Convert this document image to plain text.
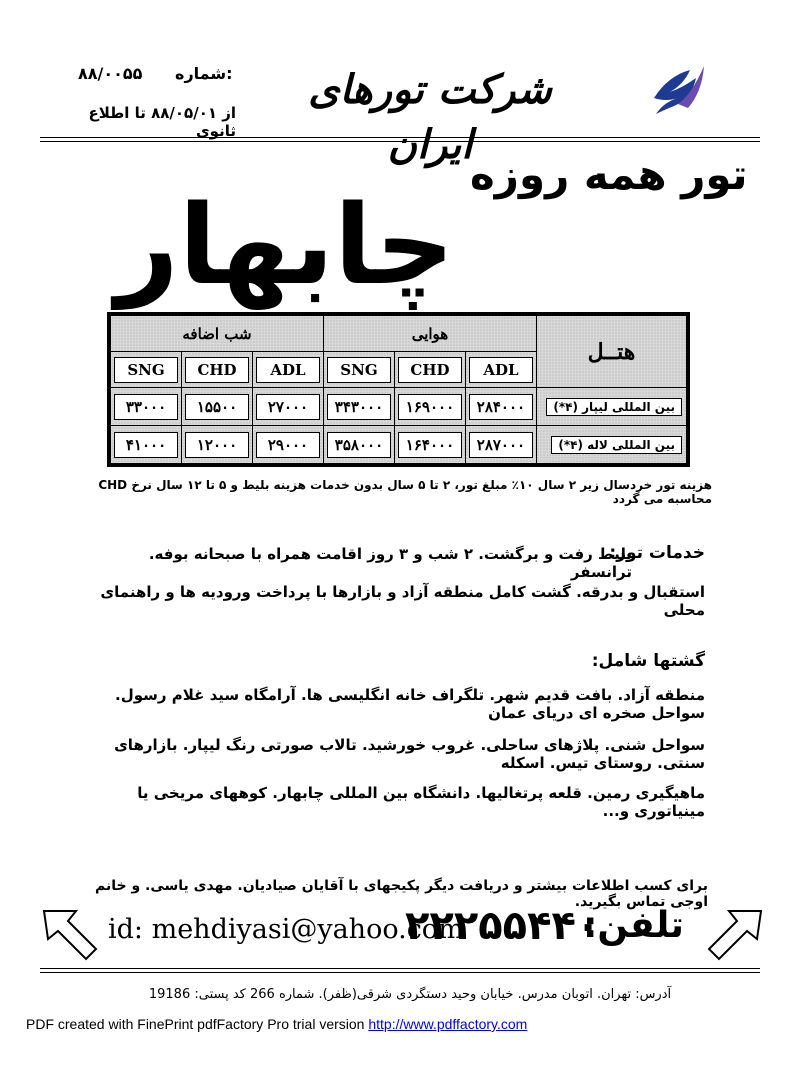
شرکت تورهای ایران
شماره:
۸۸/۰۰۵۵
از ۸۸/۰۵/۰۱ تا اطلاع ثانوی
تور همه روزه
چابهار
هتــل	هوایی			شب اضافه		
	ADL	CHD	SNG	ADL	CHD	SNG
بین المللی لیپار (۴*)	۲۸۴۰۰۰	۱۶۹۰۰۰	۳۴۳۰۰۰	۲۷۰۰۰	۱۵۵۰۰	۳۳۰۰۰
بین المللی لاله (۴*)	۲۸۷۰۰۰	۱۶۴۰۰۰	۳۵۸۰۰۰	۲۹۰۰۰	۱۲۰۰۰	۴۱۰۰۰
هزینه تور خردسال زیر ۲ سال ۱۰٪ مبلغ تور، ۲ تا ۵ سال بدون خدمات هزینه بلیط و ۵ تا ۱۲ سال نرخ CHD محاسبه می گردد
خدمات تور:
بلیط رفت و برگشت. ۲ شب و ۳ روز اقامت همراه با صبحانه بوفه. ترانسفر
استقبال و بدرقه. گشت کامل منطقه آزاد و بازارها با پرداخت ورودیه ها و راهنمای محلی
گشتها شامل:
منطقه آزاد. بافت قدیم شهر. تلگراف خانه انگلیسی ها. آرامگاه سید غلام رسول. سواحل صخره ای دریای عمان
سواحل شنی. پلاژهای ساحلی. غروب خورشید. تالاب صورتی رنگ لیپار. بازارهای سنتی. روستای تیس. اسکله
ماهیگیری رمین. قلعه پرتغالیها. دانشگاه بین المللی چابهار. کوههای مریخی یا مینیاتوری و...
برای کسب اطلاعات بیشتر و دریافت دیگر پکیجهای با آقایان صیادیان. مهدی یاسی. و خانم اوجی تماس بگیرید.
id: mehdiyasi@yahoo.com
۲۲۲۵۵۴۴۰
تلفن:
آدرس: تهران. اتوبان مدرس. خیابان وحید دستگردی شرقی(ظفر). شماره 266 کد پستی: 19186
PDF created with FinePrint pdfFactory Pro trial version http://www.pdffactory.com
